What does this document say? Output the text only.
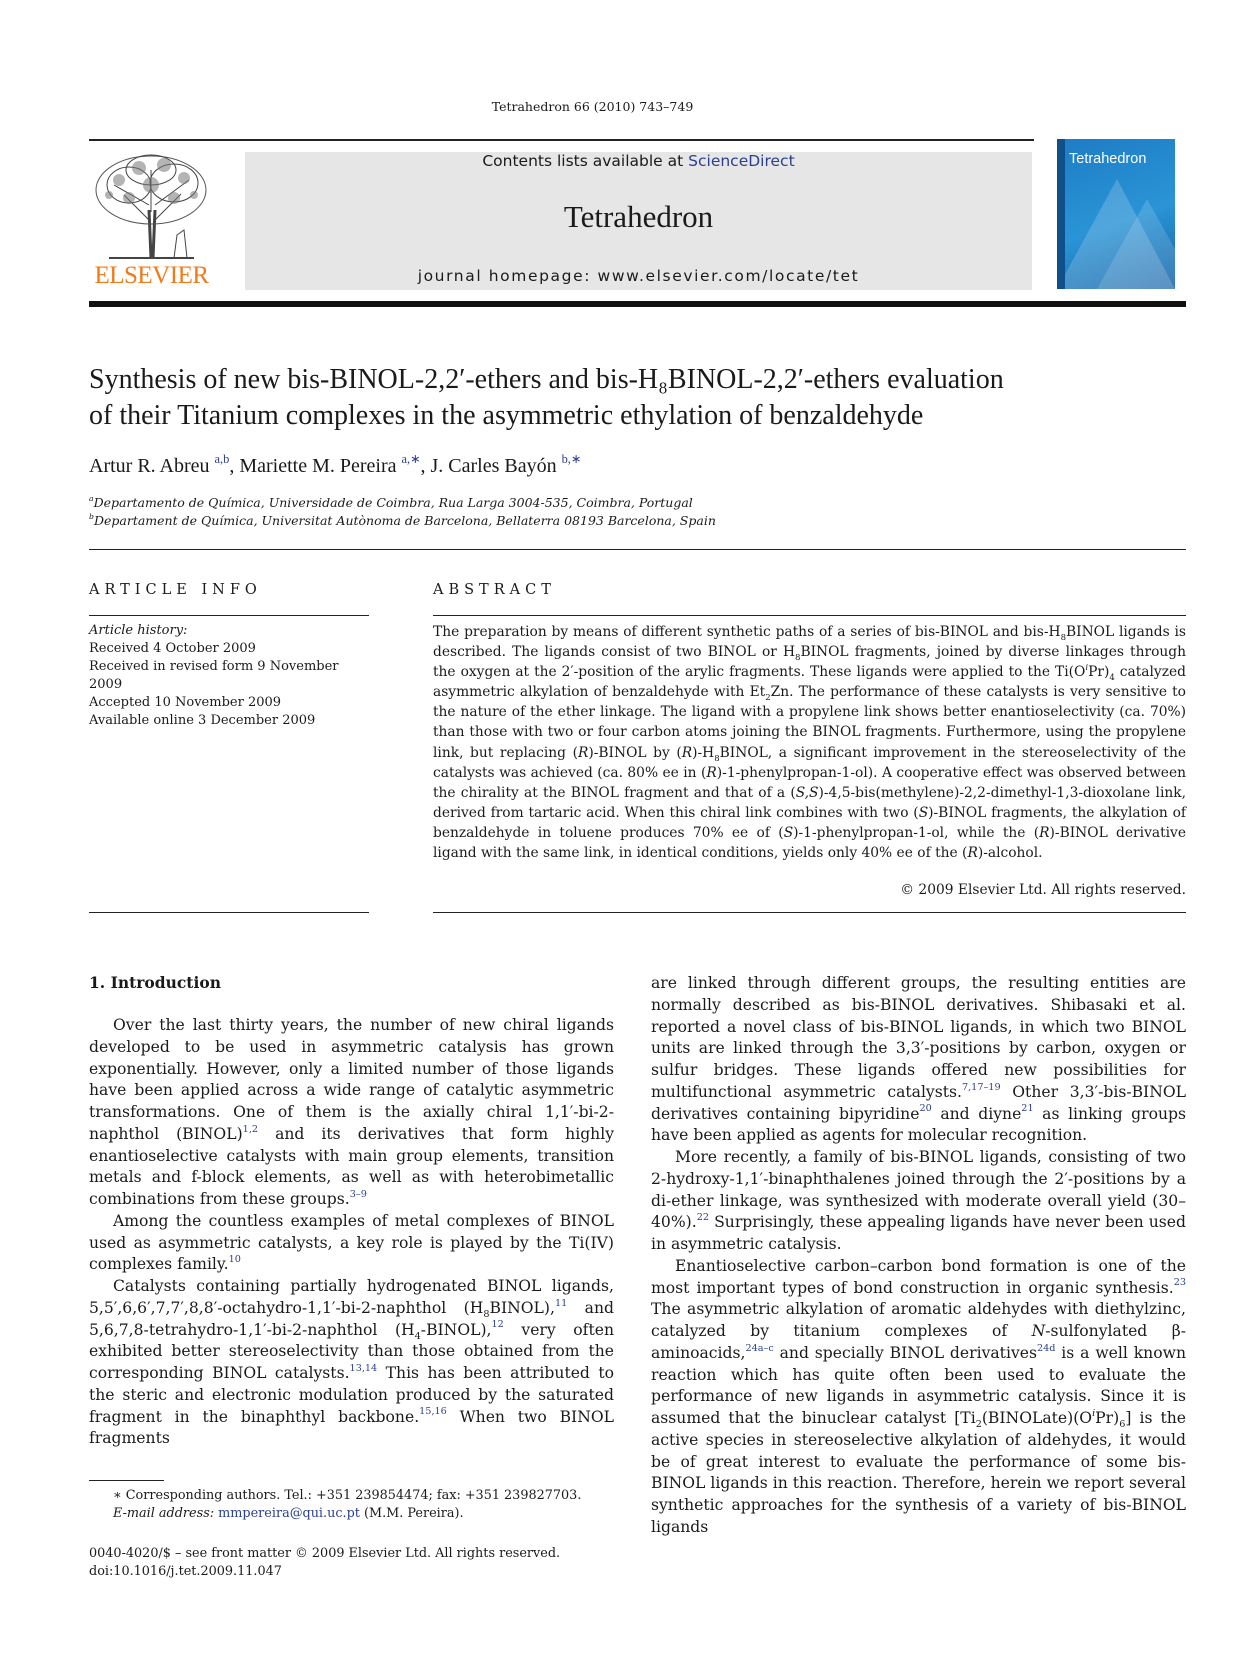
Tetrahedron 66 (2010) 743–749
ELSEVIER
Contents lists available at ScienceDirect
Tetrahedron
journal homepage: www.elsevier.com/locate/tet
Tetrahedron
Synthesis of new bis-BINOL-2,2′-ethers and bis-H₈BINOL-2,2′-ethers evaluation
of their Titanium complexes in the asymmetric ethylation of benzaldehyde
Artur R. Abreu $^{a,b}$, Mariette M. Pereira $^{a,∗}$, J. Carles Bayón $^{b,∗}$
$^a$Departamento de Química, Universidade de Coimbra, Rua Larga 3004-535, Coimbra, Portugal
$^b$Departament de Química, Universitat Autònoma de Barcelona, Bellaterra 08193 Barcelona, Spain
ARTICLE INFO	ABSTRACT
Article history:
Received 4 October 2009
Received in revised form 9 November 2009
Accepted 10 November 2009
Available online 3 December 2009
The preparation by means of different synthetic paths of a series of bis-BINOL and bis-$H_8BINOL$ ligands is described. The ligands consist of two BINOL or $H_8BINOL$ fragments, joined by diverse linkages through the oxygen at the 2′-position of the arylic fragments. These ligands were applied to the $Ti(O^iPr)_4$ catalyzed asymmetric alkylation of benzaldehyde with $Et_2Zn$. The performance of these catalysts is very sensitive to the nature of the ether linkage. The ligand with a propylene link shows better enantioselectivity (ca. 70%) than those with two or four carbon atoms joining the BINOL fragments. Furthermore, using the propylene link, but replacing (R)-BINOL by $(R)-H_8BINOL$, a significant improvement in the stereoselectivity of the catalysts was achieved (ca. 80% ee in (R)-1-phenylpropan-1-ol). A cooperative effect was observed between the chirality at the BINOL fragment and that of a (S,S)-4,5-bis(methylene)-2,2-dimethyl-1,3-dioxolane link, derived from tartaric acid. When this chiral link combines with two (S)-BINOL fragments, the alkylation of benzaldehyde in toluene produces 70% ee of (S)-1-phenylpropan-1-ol, while the (R)-BINOL derivative ligand with the same link, in identical conditions, yields only 40% ee of the (R)-alcohol.
© 2009 Elsevier Ltd. All rights reserved.
1. Introduction

Over the last thirty years, the number of new chiral ligands developed to be used in asymmetric catalysis has grown exponentially. However, only a limited number of those ligands have been applied across a wide range of catalytic asymmetric transformations. One of them is the axially chiral 1,1′-bi-2-naphthol (BINOL)$^{1,2}$ and its derivatives that form highly enantioselective catalysts with main group elements, transition metals and f-block elements, as well as with heterobimetallic combinations from these groups.$^{3-9}$

Among the countless examples of metal complexes of BINOL used as asymmetric catalysts, a key role is played by the Ti(IV) complexes family.$^{10}$

Catalysts containing partially hydrogenated BINOL ligands, 5,5′,6,6′,7,7′,8,8′-octahydro-1,1′-bi-2-naphthol $(H_8BINOL),^{11}$ and 5,6,7,8-tetrahydro-1,1′-bi-2-naphthol $(H_4-BINOL),^{12}$ very often exhibited better stereoselectivity than those obtained from the corresponding BINOL catalysts.$^{13,14}$ This has been attributed to the steric and electronic modulation produced by the saturated fragment in the binaphthyl backbone.$^{15,16}$ When two BINOL fragments

are linked through different groups, the resulting entities are normally described as bis-BINOL derivatives. Shibasaki et al. reported a novel class of bis-BINOL ligands, in which two BINOL units are linked through the 3,3′-positions by carbon, oxygen or sulfur bridges. These ligands offered new possibilities for multifunctional asymmetric catalysts.$^{7,17-19}$ Other 3,3′-bis-BINOL derivatives containing bipyridine$^{20}$ and diyne$^{21}$ as linking groups have been applied as agents for molecular recognition.

More recently, a family of bis-BINOL ligands, consisting of two 2-hydroxy-1,1′-binaphthalenes joined through the 2′-positions by a di-ether linkage, was synthesized with moderate overall yield (30–40%).$^{22}$ Surprisingly, these appealing ligands have never been used in asymmetric catalysis.

Enantioselective carbon–carbon bond formation is one of the most important types of bond construction in organic synthesis.$^{23}$ The asymmetric alkylation of aromatic aldehydes with diethylzinc, catalyzed by titanium complexes of N-sulfonylated β-aminoacids,$^{24a-c}$ and specially BINOL derivatives$^{24d}$ is a well known reaction which has quite often been used to evaluate the performance of new ligands in asymmetric catalysis. Since it is assumed that the binuclear catalyst $[Ti_2(BINOLate)(O^iPr)_6]$ is the active species in stereoselective alkylation of aldehydes, it would be of great interest to evaluate the performance of some bis-BINOL ligands in this reaction. Therefore, herein we report several synthetic approaches for the synthesis of a variety of bis-BINOL ligands

∗ Corresponding authors. Tel.: +351 239854474; fax: +351 239827703.
E-mail address: mmpereira@qui.uc.pt (M.M. Pereira).
0040-4020/$ – see front matter © 2009 Elsevier Ltd. All rights reserved.
doi:10.1016/j.tet.2009.11.047
